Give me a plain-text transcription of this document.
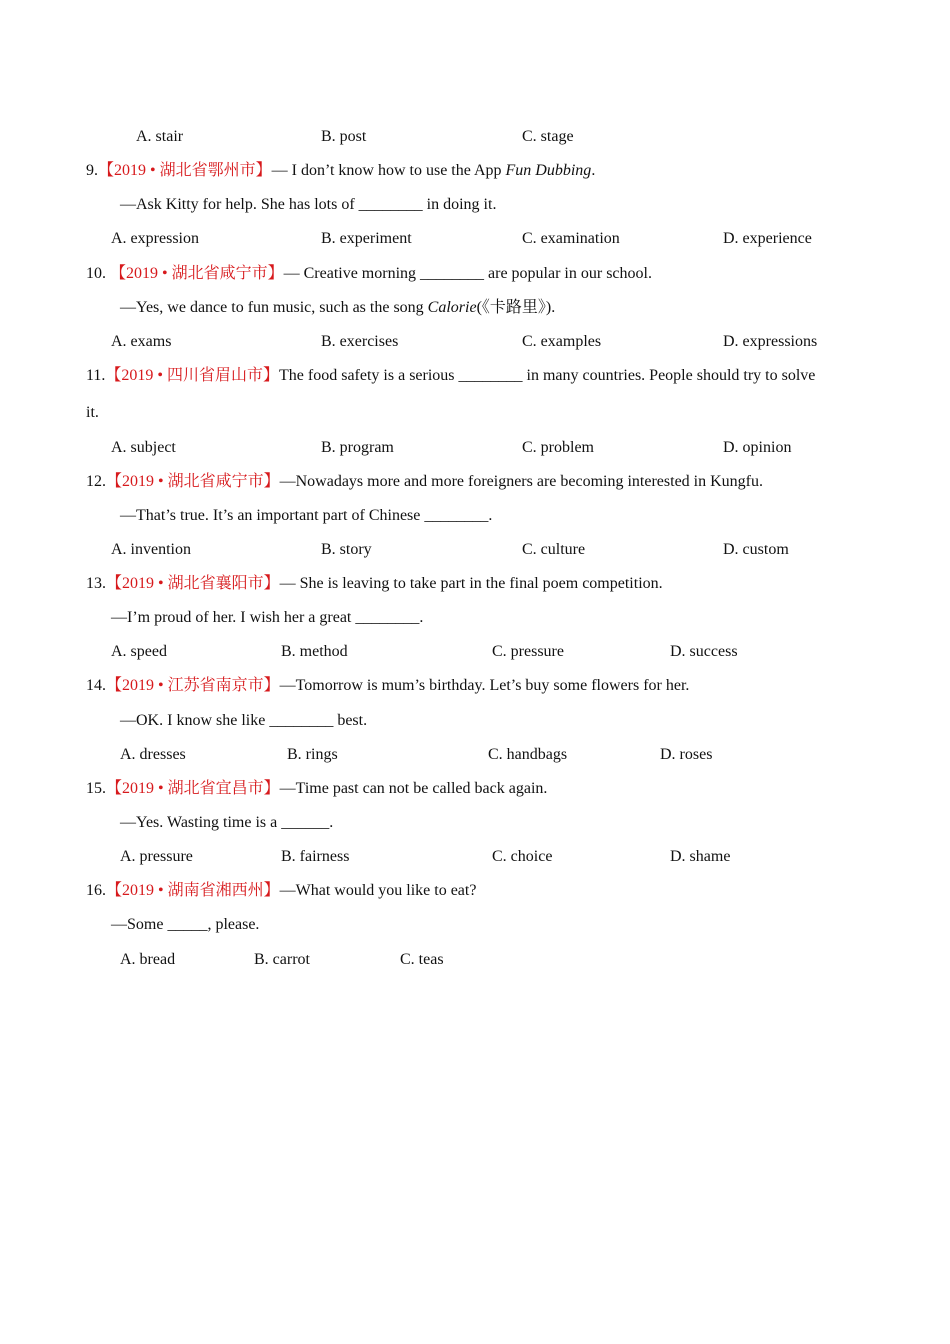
A. stair	B. post	C. stage
9.【2019 • 湖北省鄂州市】— I don’t know how to use the App Fun Dubbing.
—Ask Kitty for help. She has lots of ________ in doing it.
A. expression	B. experiment	C. examination	D. experience
10. 【2019 • 湖北省咸宁市】— Creative morning ________ are popular in our school.
—Yes, we dance to fun music, such as the song Calorie(《卡路里》).
A. exams	B. exercises	C. examples	D. expressions
11.【2019 • 四川省眉山市】The food safety is a serious ________ in many countries. People should try to solve
it.
A. subject	B. program	C. problem	D. opinion
12.【2019 • 湖北省咸宁市】—Nowadays more and more foreigners are becoming interested in Kungfu.
—That’s true. It’s an important part of Chinese ________.
A. invention	B. story	C. culture	D. custom
13.【2019 • 湖北省襄阳市】— She is leaving to take part in the final poem competition.
—I’m proud of her. I wish her a great ________.
A. speed	B. method	C. pressure	D. success
14.【2019 • 江苏省南京市】—Tomorrow is mum’s birthday. Let’s buy some flowers for her.
—OK. I know she like ________ best.
A. dresses	B. rings	C. handbags	D. roses
15.【2019 • 湖北省宜昌市】—Time past can not be called back again.
—Yes. Wasting time is a ______.
A. pressure	B. fairness	C. choice	D. shame
16.【2019 • 湖南省湘西州】—What would you like to eat?
—Some _____, please.
A. bread	B. carrot	C. teas
